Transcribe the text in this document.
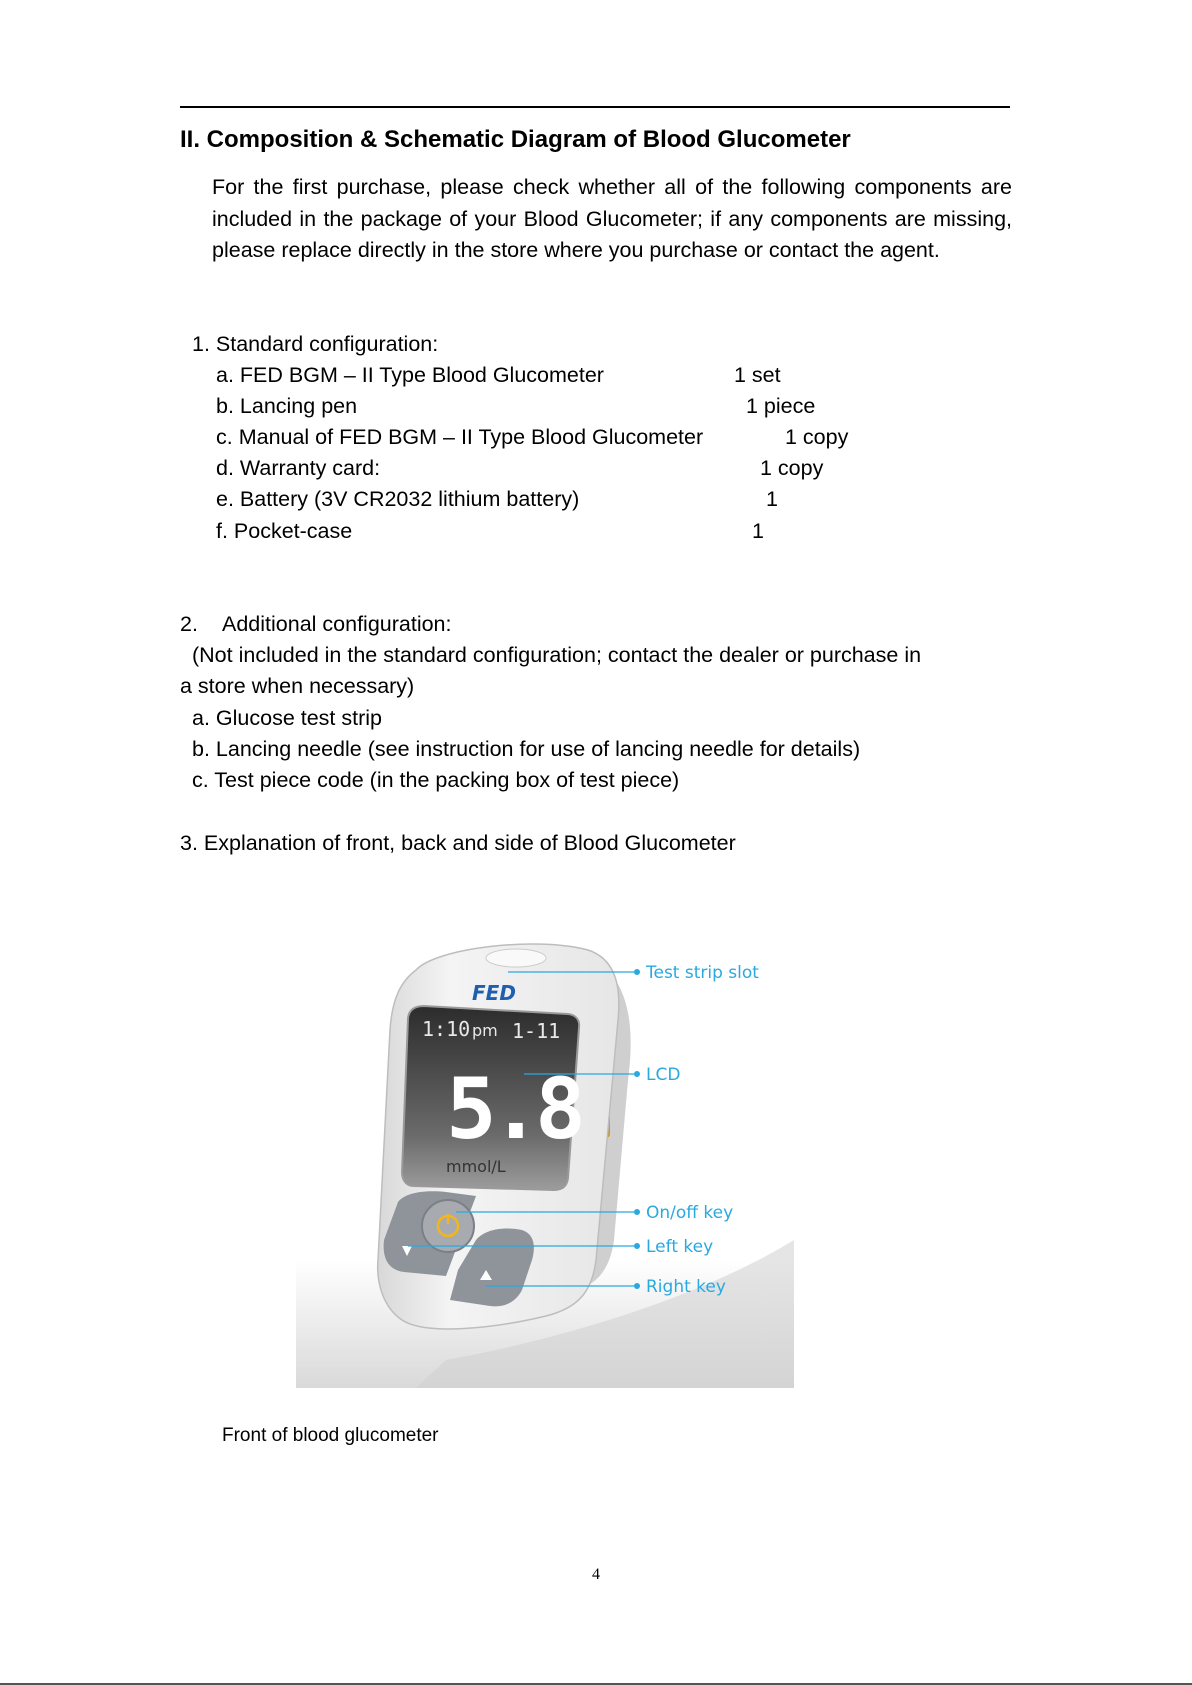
II. Composition & Schematic Diagram of Blood Glucometer
For the first purchase, please check whether all of the following components are included in the package of your Blood Glucometer; if any components are missing, please replace directly in the store where you purchase or contact the agent.
1. Standard configuration:
a. FED BGM – II Type Blood Glucometer	1 set
b. Lancing pen	1 piece
c. Manual of FED BGM – II Type Blood Glucometer	1 copy
d. Warranty card:	1 copy
e. Battery (3V CR2032 lithium battery)	1
f. Pocket-case	1
2. Additional configuration:
(Not included in the standard configuration; contact the dealer or purchase in
a store when necessary)
a. Glucose test strip
b. Lancing needle (see instruction for use of lancing needle for details)
c. Test piece code (in the packing box of test piece)
3. Explanation of front, back and side of Blood Glucometer
FED
1:10 pm 1-11
5.8
mmol/L
Test strip slot
LCD
On/off key
Left key
Right key
Front of blood glucometer
4
